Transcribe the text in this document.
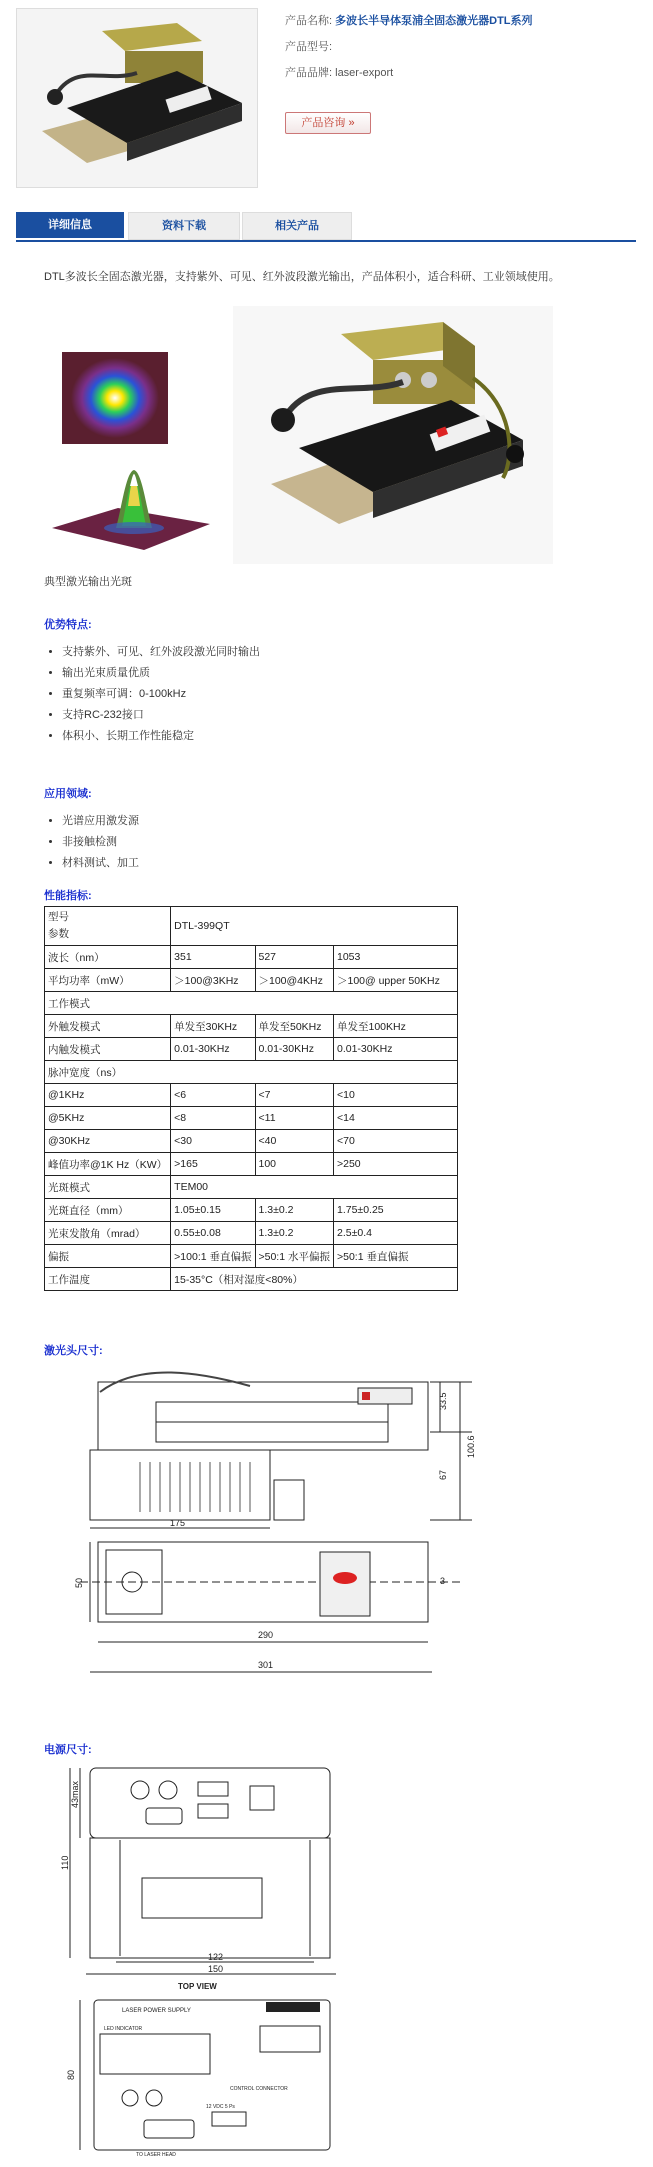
产品名称: 多波长半导体泵浦全固态激光器DTL系列
产品型号:
产品品牌: laser-export
产品咨询 »
详细信息	资料下载	相关产品
DTL多波长全固态激光器，支持紫外、可见、红外波段激光输出，产品体积小，适合科研、工业领域使用。
典型激光输出光斑
优势特点:
• 支持紫外、可见、红外波段激光同时输出
• 输出光束质量优质
• 重复频率可调：0-100kHz
• 支持RC-232接口
• 体积小、长期工作性能稳定
应用领域:
• 光谱应用激发源
• 非接触检测
• 材料测试、加工
性能指标:
型号
参数	DTL-399QT		
波长（nm）	351	527	1053
平均功率（mW）	＞100@3KHz	＞100@4KHz	＞100@ upper 50KHz
工作模式			
外触发模式	单发至30KHz	单发至50KHz	单发至100KHz
内触发模式	0.01-30KHz	0.01-30KHz	0.01-30KHz
脉冲宽度（ns）			
@1KHz	<6	<7	<10
@5KHz	<8	<11	<14
@30KHz	<30	<40	<70
峰值功率@1K Hz（KW）	>165	100	>250
光斑模式	TEM00		
光斑直径（mm）	1.05±0.15	1.3±0.2	1.75±0.25
光束发散角（mrad）	0.55±0.08	1.3±0.2	2.5±0.4
偏振	>100:1 垂直偏振	>50:1 水平偏振	>50:1 垂直偏振
工作温度	15-35°C（相对湿度<80%）		
激光头尺寸:
33.5
67
100.6
175
50	3
290
301
电源尺寸:
43max
110
122
150
TOP VIEW
LASER POWER SUPPLY
LED INDICATOR
TO LASER HEAD
12 VDC 5 Ps
CONTROL CONNECTOR
80
